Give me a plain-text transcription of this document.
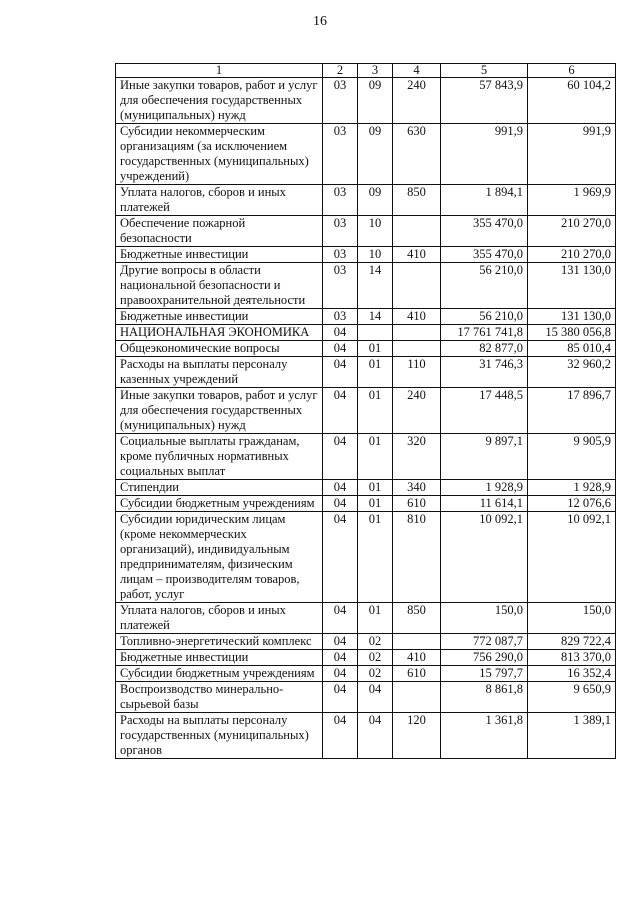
16
1	2	3	4	5	6
Иные закупки товаров, работ и услуг для обеспечения государственных (муниципальных) нужд	03	09	240	57 843,9	60 104,2
Субсидии некоммерческим организациям (за исключением государственных (муниципальных) учреждений)	03	09	630	991,9	991,9
Уплата налогов, сборов и иных платежей	03	09	850	1 894,1	1 969,9
Обеспечение пожарной безопасности	03	10		355 470,0	210 270,0
Бюджетные инвестиции	03	10	410	355 470,0	210 270,0
Другие вопросы в области национальной безопасности и правоохранительной деятельности	03	14		56 210,0	131 130,0
Бюджетные инвестиции	03	14	410	56 210,0	131 130,0
НАЦИОНАЛЬНАЯ ЭКОНОМИКА	04			17 761 741,8	15 380 056,8
Общеэкономические вопросы	04	01		82 877,0	85 010,4
Расходы на выплаты персоналу казенных учреждений	04	01	110	31 746,3	32 960,2
Иные закупки товаров, работ и услуг для обеспечения государственных (муниципальных) нужд	04	01	240	17 448,5	17 896,7
Социальные выплаты гражданам, кроме публичных нормативных социальных выплат	04	01	320	9 897,1	9 905,9
Стипендии	04	01	340	1 928,9	1 928,9
Субсидии бюджетным учреждениям	04	01	610	11 614,1	12 076,6
Субсидии юридическим лицам (кроме некоммерческих организаций), индивидуальным предпринимателям, физическим лицам – производителям товаров, работ, услуг	04	01	810	10 092,1	10 092,1
Уплата налогов, сборов и иных платежей	04	01	850	150,0	150,0
Топливно-энергетический комплекс	04	02		772 087,7	829 722,4
Бюджетные инвестиции	04	02	410	756 290,0	813 370,0
Субсидии бюджетным учреждениям	04	02	610	15 797,7	16 352,4
Воспроизводство минерально-сырьевой базы	04	04		8 861,8	9 650,9
Расходы на выплаты персоналу государственных (муниципальных) органов	04	04	120	1 361,8	1 389,1
